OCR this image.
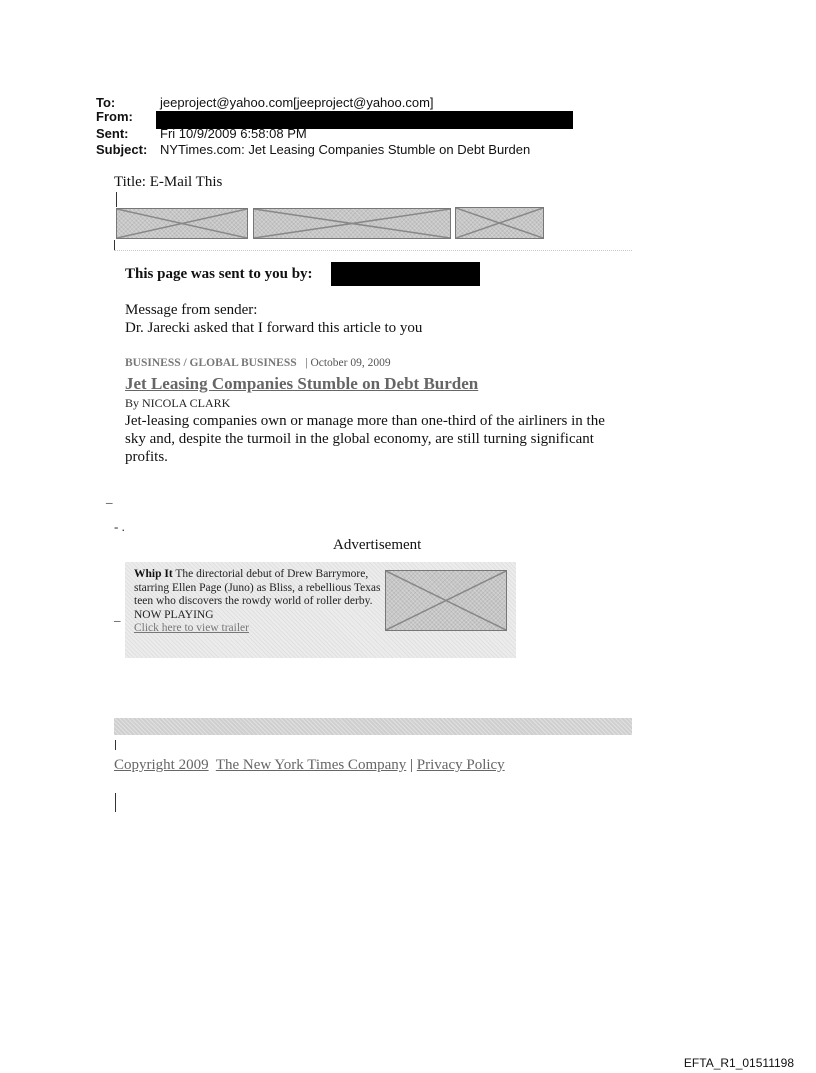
To:	jeeproject@yahoo.com[jeeproject@yahoo.com]
From:
Sent: Fri 10/9/2009 6:58:08 PM
Subject: NYTimes.com: Jet Leasing Companies Stumble on Debt Burden
Title: E-Mail This
This page was sent to you by:
Message from sender:
Dr. Jarecki asked that I forward this article to you
BUSINESS / GLOBAL BUSINESS | October 09, 2009
Jet Leasing Companies Stumble on Debt Burden
By NICOLA CLARK
Jet-leasing companies own or manage more than one-third of the airliners in the sky and, despite the turmoil in the global economy, are still turning significant profits.
_
- .
Advertisement
Whip It The directorial debut of Drew Barrymore, starring Ellen Page (Juno) as Bliss, a rebellious Texas teen who discovers the rowdy world of roller derby.
NOW PLAYING
Click here to view trailer
_
Copyright 2009 The New York Times Company | Privacy Policy
EFTA_R1_01511198
